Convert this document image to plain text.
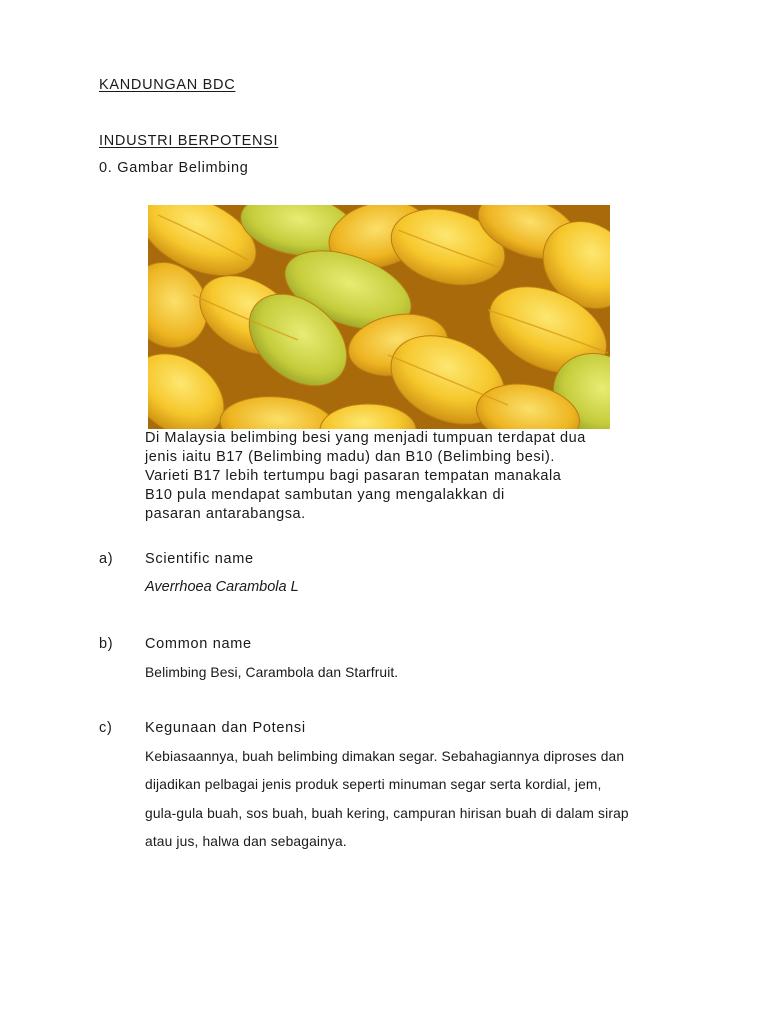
KANDUNGAN BDC
INDUSTRI BERPOTENSI
0. Gambar Belimbing
Di Malaysia belimbing besi yang menjadi tumpuan terdapat dua
jenis iaitu B17 (Belimbing madu) dan B10 (Belimbing besi).
Varieti B17 lebih tertumpu bagi pasaran tempatan manakala
B10 pula mendapat sambutan yang mengalakkan di
pasaran antarabangsa.
a) Scientific name
Averrhoea Carambola L
b) Common name
Belimbing Besi, Carambola dan Starfruit.
c) Kegunaan dan Potensi
Kebiasaannya, buah belimbing dimakan segar. Sebahagiannya diproses dan
dijadikan pelbagai jenis produk seperti minuman segar serta kordial, jem,
gula-gula buah, sos buah, buah kering, campuran hirisan buah di dalam sirap
atau jus, halwa dan sebagainya.
